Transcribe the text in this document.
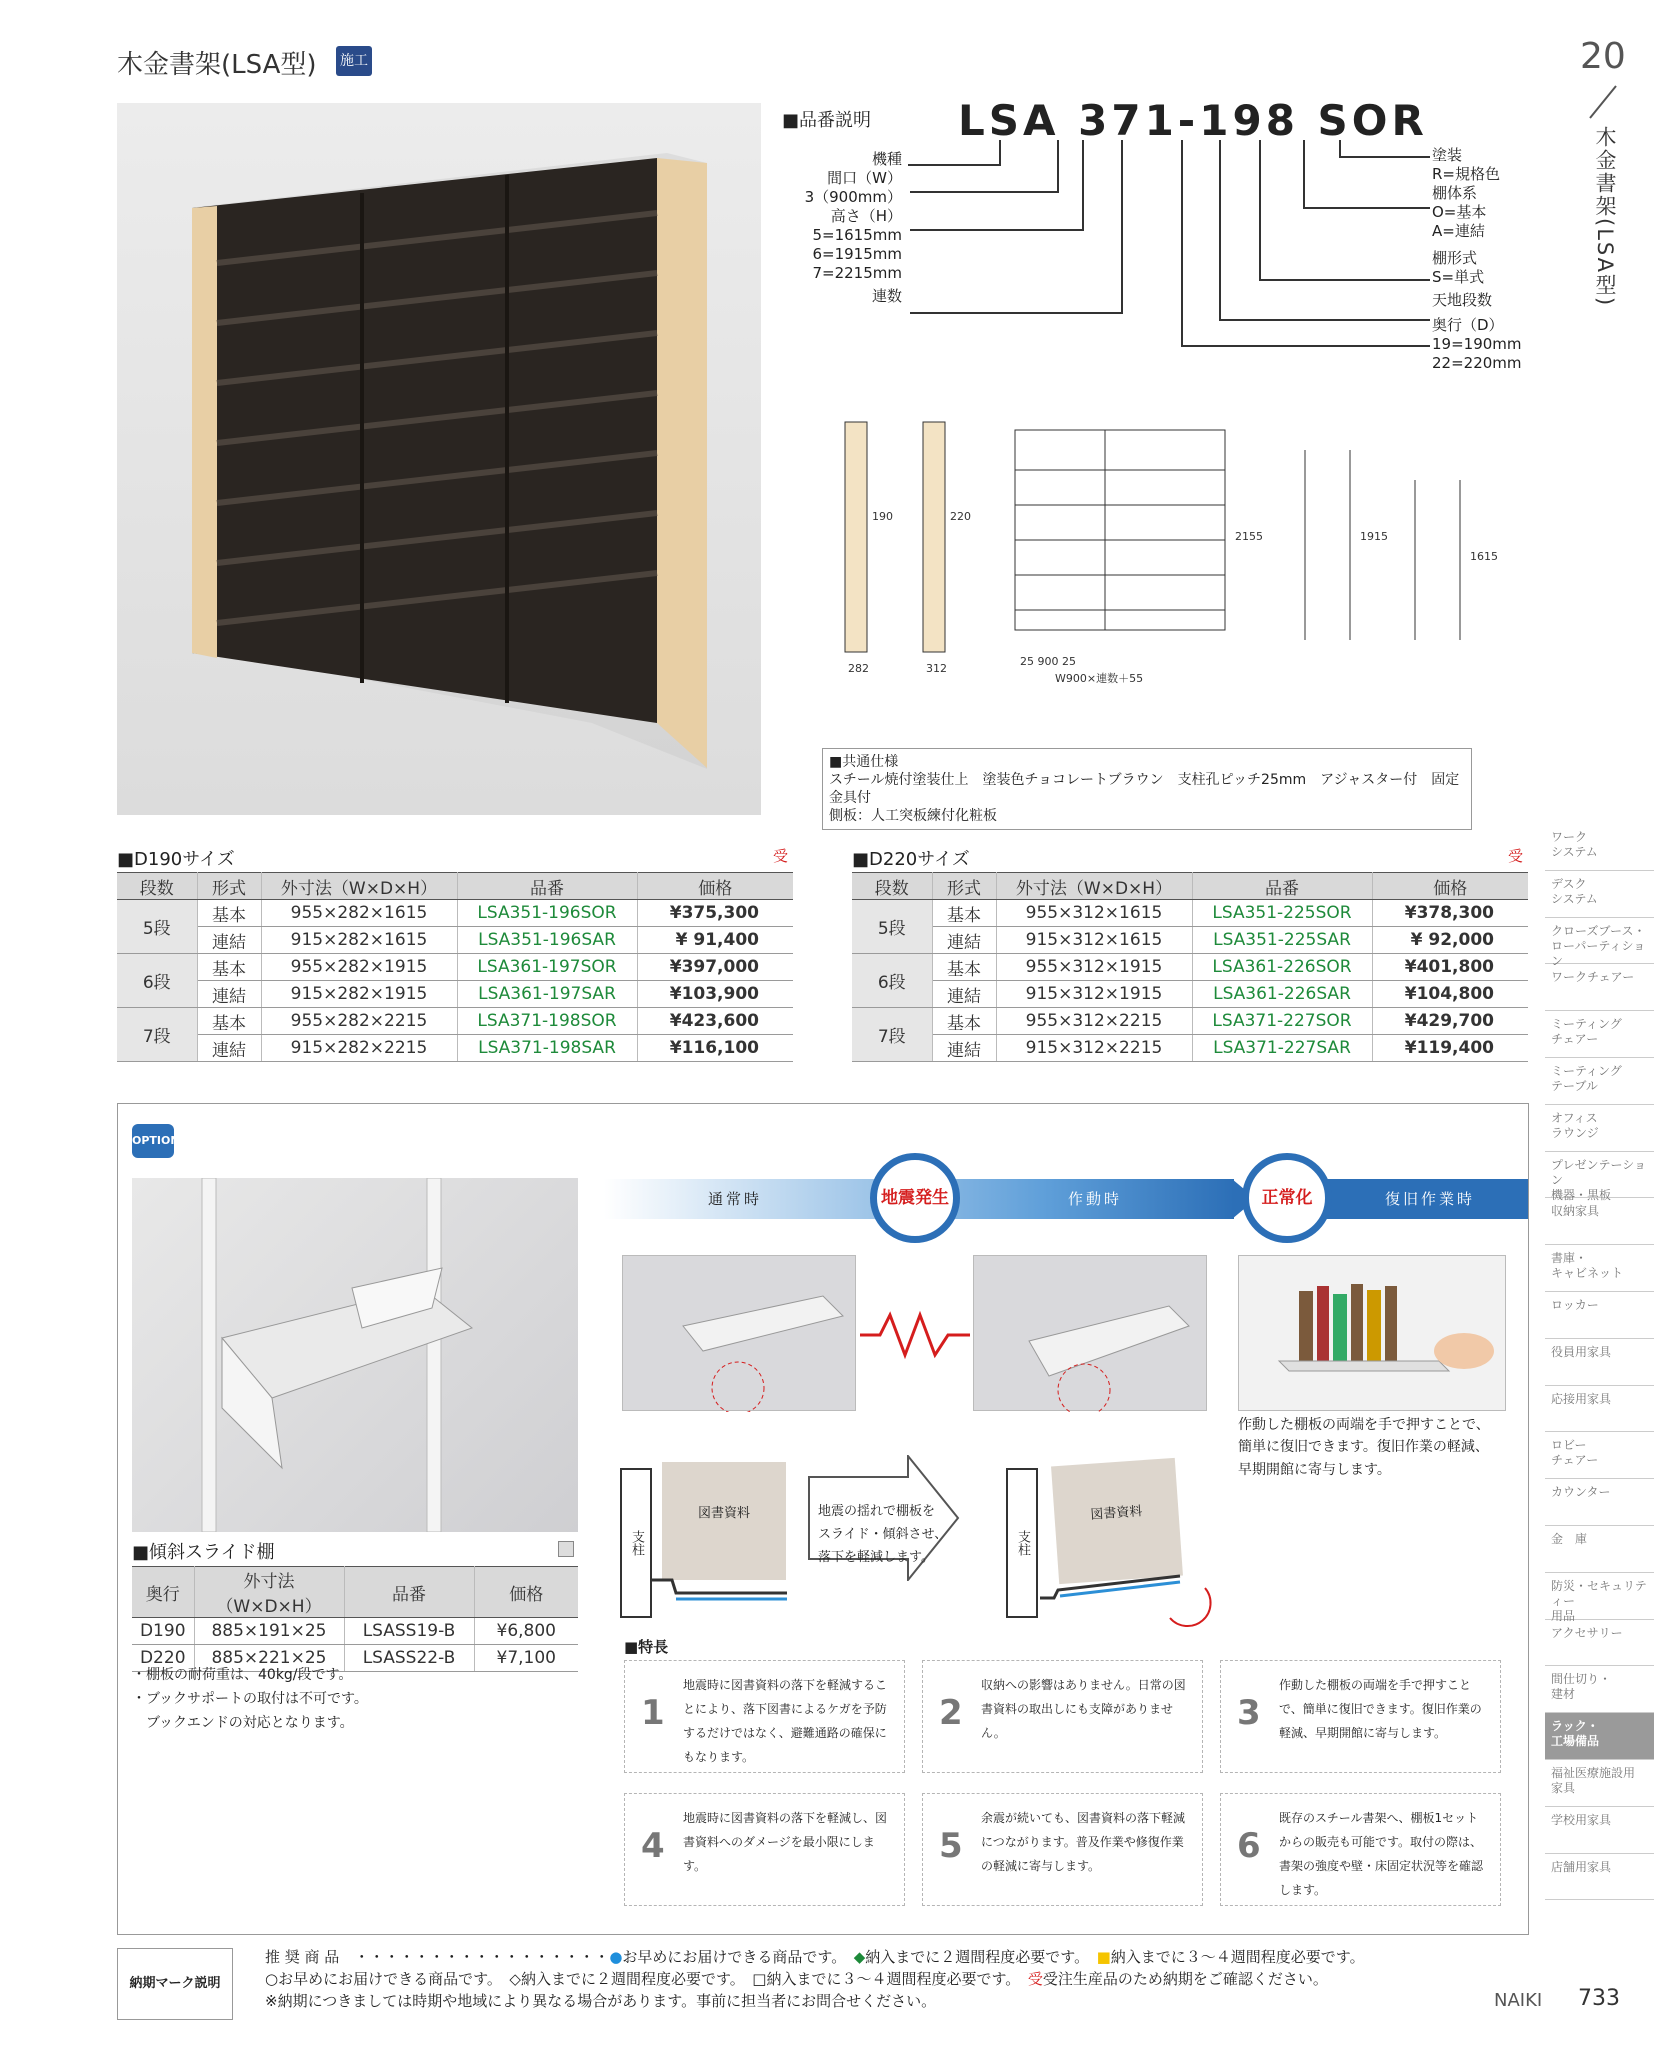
木金書架(LSA型) 施工	20
木金書架(LSA型)
■品番説明 LSA 371-198 SOR
機種
間口（W）
3（900mm）
高さ（H）
5=1615mm
6=1915mm
7=2215mm
連数
塗装
R=規格色
棚体系
O=基本
A=連結
棚形式
S=単式
天地段数
奥行（D）
19=190mm
22=220mm
190	220
282	312
25 900 25
W900×連数＋55
2155	1915
1615
■共通仕様
スチール焼付塗装仕上　塗装色チョコレートブラウン　支柱孔ピッチ25mm　アジャスター付　固定金具付
側板：人工突板練付化粧板
■D190サイズ	受
段数	形式	外寸法（W×D×H）	品番	価格
5段	基本	955×282×1615	LSA351-196SOR	¥375,300
	連結	915×282×1615	LSA351-196SAR	¥ 91,400
6段	基本	955×282×1915	LSA361-197SOR	¥397,000
	連結	915×282×1915	LSA361-197SAR	¥103,900
7段	基本	955×282×2215	LSA371-198SOR	¥423,600
	連結	915×282×2215	LSA371-198SAR	¥116,100
■D220サイズ	受
段数	形式	外寸法（W×D×H）	品番	価格
5段	基本	955×312×1615	LSA351-225SOR	¥378,300
	連結	915×312×1615	LSA351-225SAR	¥ 92,000
6段	基本	955×312×1915	LSA361-226SOR	¥401,800
	連結	915×312×1915	LSA361-226SAR	¥104,800
7段	基本	955×312×2215	LSA371-227SOR	¥429,700
	連結	915×312×2215	LSA371-227SAR	¥119,400
OPTION
■傾斜スライド棚
奥行	外寸法（W×D×H）	品番	価格
D190	885×191×25	LSASS19-B	¥6,800
D220	885×221×25	LSASS22-B	¥7,100
・棚板の耐荷重は、40kg/段です。
・ブックサポートの取付は不可です。
　ブックエンドの対応となります。
通常時	作動時	復旧作業時
地震発生	正常化
作動した棚板の両端を手で押すことで、
簡単に復旧できます。復旧作業の軽減、
早期開館に寄与します。
支柱
図書資料	地震の揺れで棚板を
スライド・傾斜させ、
落下を軽減します。
支柱
図書資料
■特長
1
地震時に図書資料の落下を軽減することにより、落下図書によるケガを予防するだけではなく、避難通路の確保にもなります。
2
収納への影響はありません。日常の図書資料の取出しにも支障がありません。	3
作動した棚板の両端を手で押すことで、簡単に復旧できます。復旧作業の軽減、早期開館に寄与します。
4
地震時に図書資料の落下を軽減し、図書資料へのダメージを最小限にします。	5
余震が続いても、図書資料の落下軽減につながります。普及作業や修復作業の軽減に寄与します。	6
既存のスチール書架へ、棚板1セットからの販売も可能です。取付の際は、書架の強度や壁・床固定状況等を確認します。
ワーク
システム
デスク
システム
クローズブース・
ローパーティション
ワークチェアー
ミーティング
チェアー
ミーティング
テーブル
オフィス
ラウンジ
プレゼンテーション
機器・黒板
収納家具
書庫・
キャビネット
ロッカー
役員用家具
応接用家具
ロビー
チェアー
カウンター
金　庫
防災・セキュリティー
用品
アクセサリー
間仕切り・
建材
ラック・
工場備品
福祉医療施設用
家具
学校用家具
店舗用家具
納期マーク説明
推 奨 商 品　・・・・・・・・・・・・・・・・・●お早めにお届けできる商品です。　 ◆納入までに２週間程度必要です。　 ■納入までに３～４週間程度必要です。
○お早めにお届けできる商品です。　 ◇納入までに２週間程度必要です。　 □納入までに３～４週間程度必要です。　 受受注生産品のため納期をご確認ください。
※納期につきましては時期や地域により異なる場合があります。事前に担当者にお問合せください。	NAIKI 733
